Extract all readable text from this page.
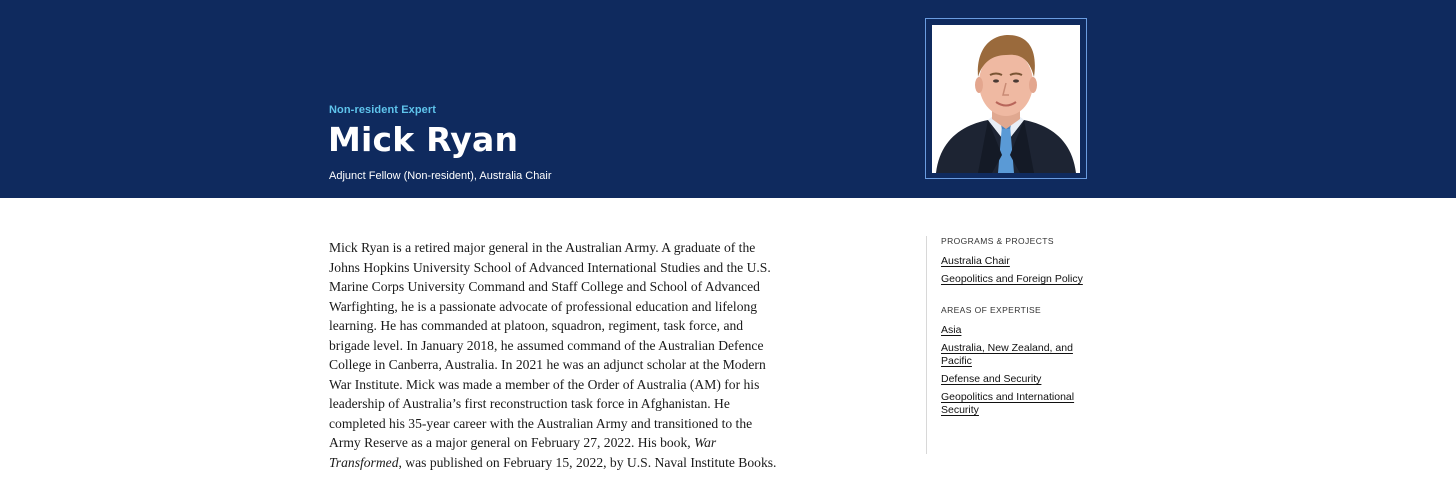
Non-resident Expert
Mick Ryan
Adjunct Fellow (Non-resident), Australia Chair

Mick Ryan is a retired major general in the Australian Army. A graduate of the Johns Hopkins University School of Advanced International Studies and the U.S. Marine Corps University Command and Staff College and School of Advanced Warfighting, he is a passionate advocate of professional education and lifelong learning. He has commanded at platoon, squadron, regiment, task force, and brigade level. In January 2018, he assumed command of the Australian Defence College in Canberra, Australia. In 2021 he was an adjunct scholar at the Modern War Institute. Mick was made a member of the Order of Australia (AM) for his leadership of Australia’s first reconstruction task force in Afghanistan. He completed his 35-year career with the Australian Army and transitioned to the Army Reserve as a major general on February 27, 2022. His book, War Transformed, was published on February 15, 2022, by U.S. Naval Institute Books.

PROGRAMS & PROJECTS
Australia Chair
Geopolitics and Foreign Policy
AREAS OF EXPERTISE
Asia
Australia, New Zealand, and Pacific
Defense and Security
Geopolitics and International Security
